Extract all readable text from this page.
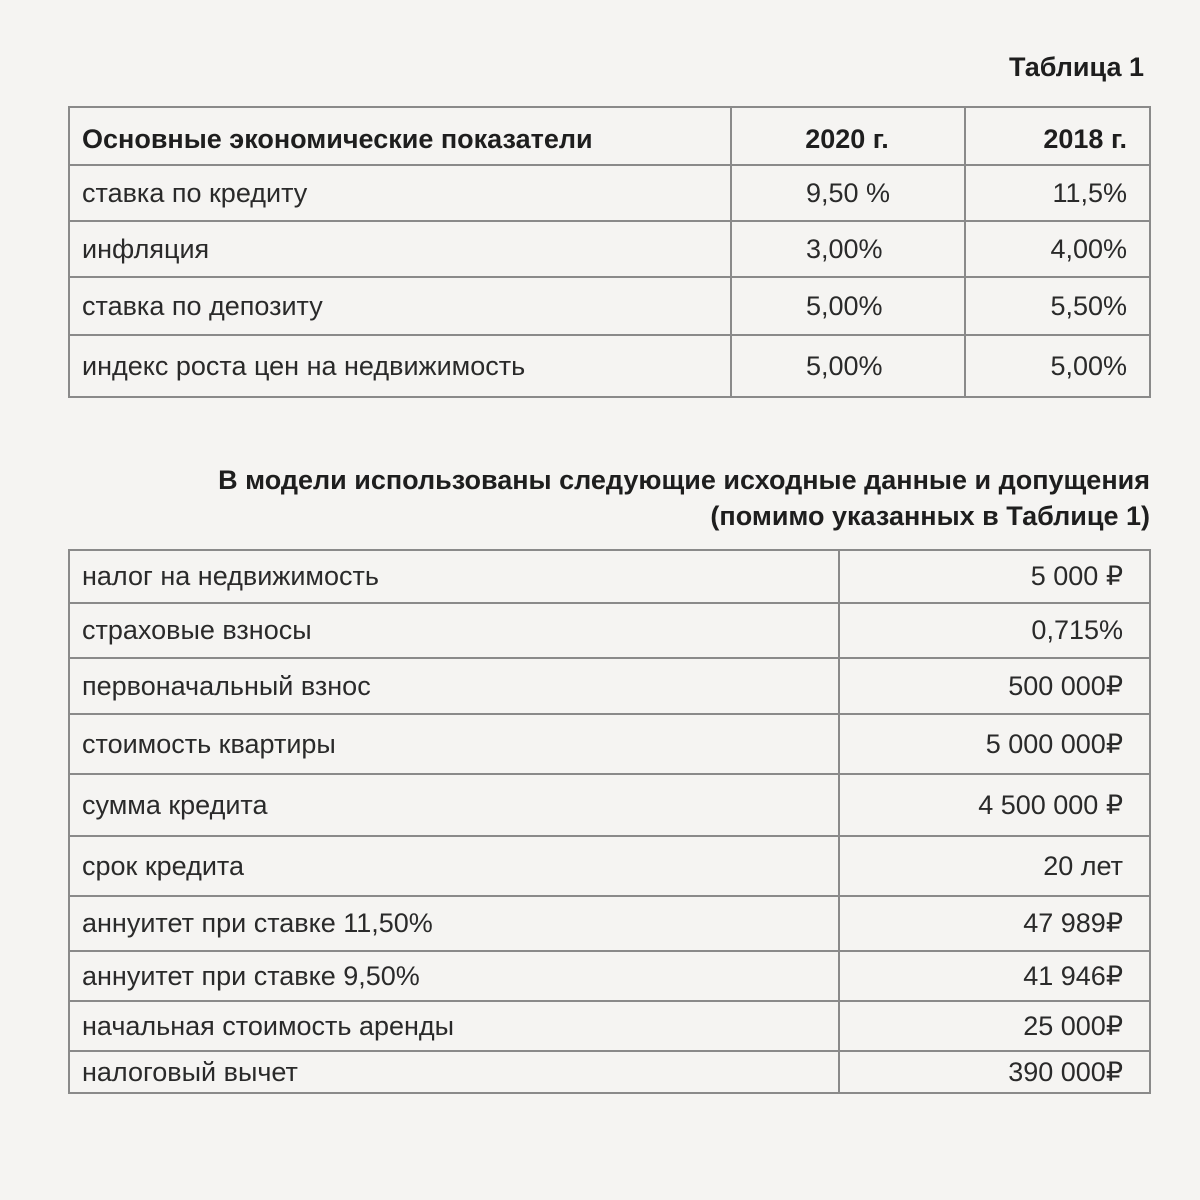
Таблица 1
Основные экономические показатели	2020 г.	2018 г.
ставка по кредиту	9,50 %	11,5%
инфляция	3,00%	4,00%
ставка по депозиту	5,00%	5,50%
индекс роста цен на недвижимость	5,00%	5,00%
В модели использованы следующие исходные данные и допущения
(помимо указанных в Таблице 1)
налог на недвижимость	5 000 ₽
страховые взносы	0,715%
первоначальный взнос	500 000₽
стоимость квартиры	5 000 000₽
сумма кредита	4 500 000 ₽
срок кредита	20 лет
аннуитет при ставке 11,50%	47 989₽
аннуитет при ставке 9,50%	41 946₽
начальная стоимость аренды	25 000₽
налоговый вычет	390 000₽
